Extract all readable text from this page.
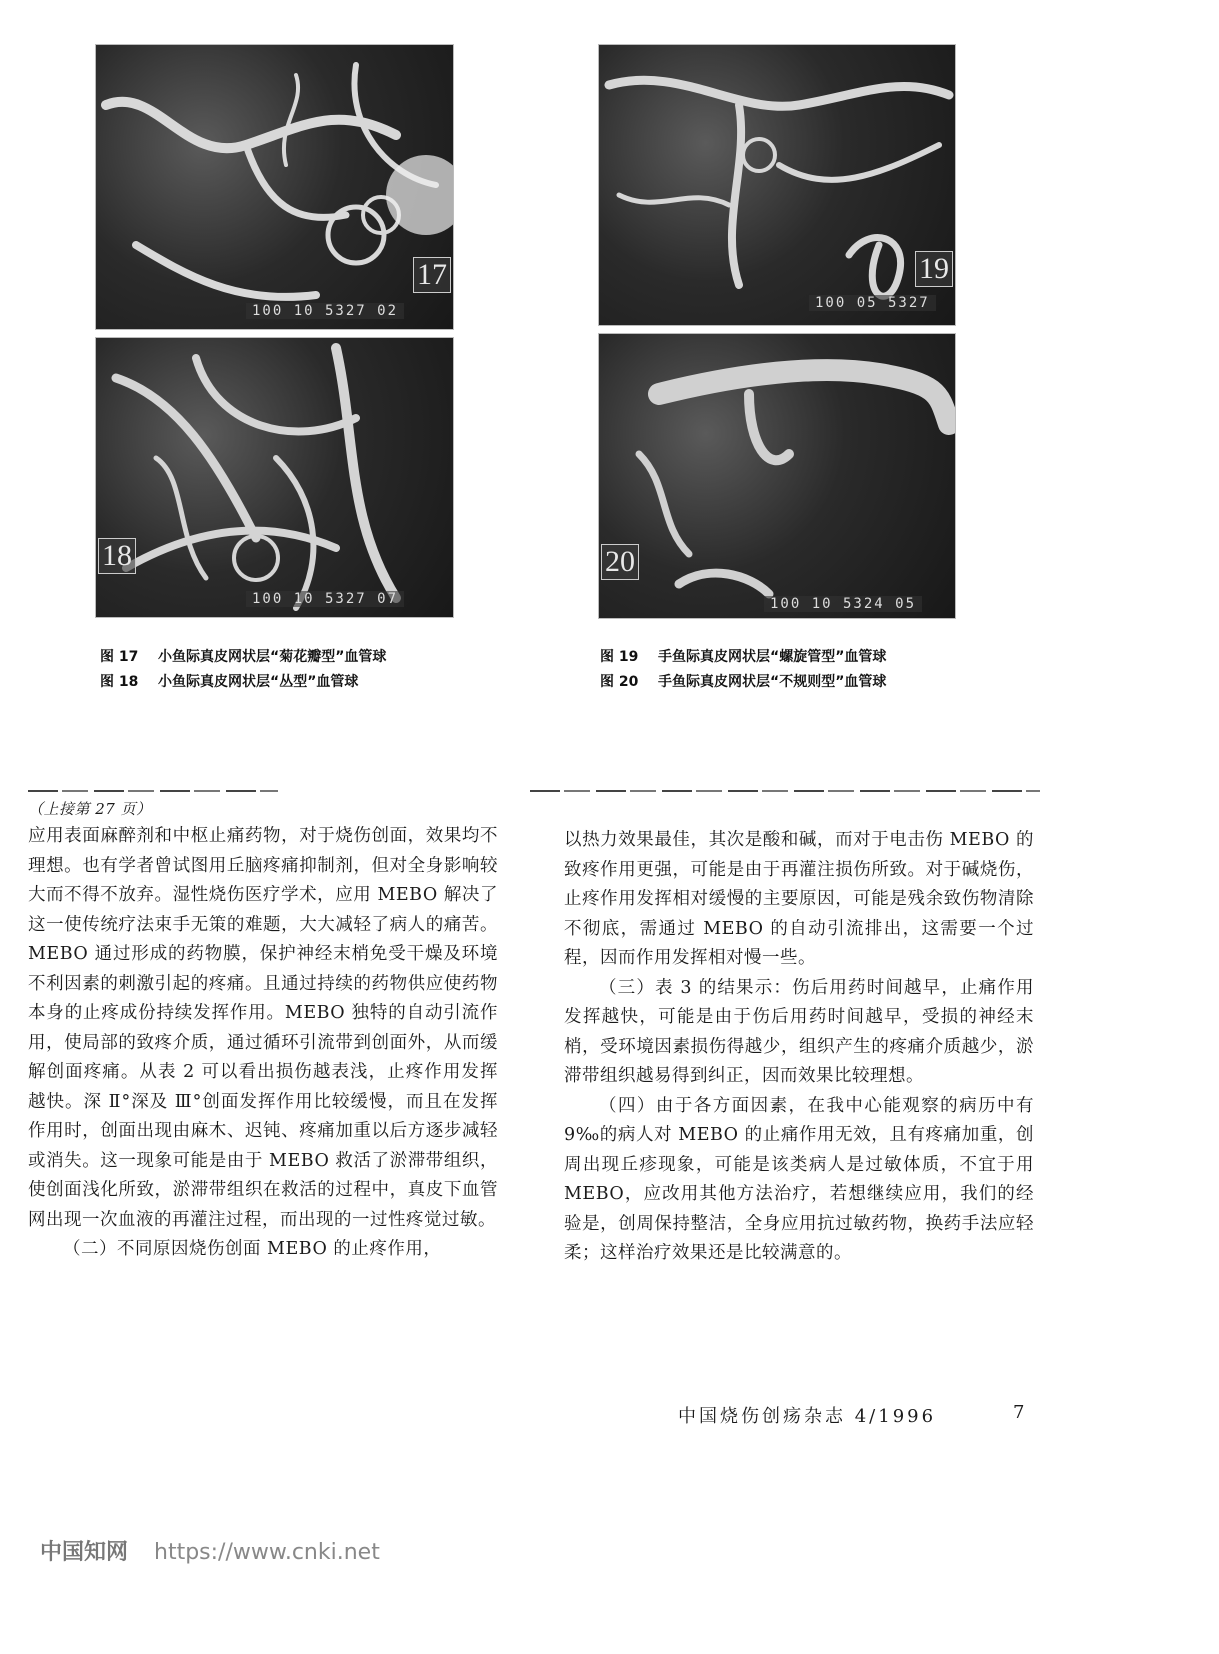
17
100 10 5327 02
18
100 10 5327 07
19
100 05 5327
20
100 10 5324 05
图 17 小鱼际真皮网状层“菊花瓣型”血管球
图 18 小鱼际真皮网状层“丛型”血管球
图 19 手鱼际真皮网状层“螺旋管型”血管球
图 20 手鱼际真皮网状层“不规则型”血管球

（上接第 27 页）

应用表面麻醉剂和中枢止痛药物，对于烧伤创面，效果均不理想。也有学者曾试图用丘脑疼痛抑制剂，但对全身影响较大而不得不放弃。湿性烧伤医疗学术，应用 MEBO 解决了这一使传统疗法束手无策的难题，大大减轻了病人的痛苦。MEBO 通过形成的药物膜，保护神经末梢免受干燥及环境不利因素的刺激引起的疼痛。且通过持续的药物供应使药物本身的止疼成份持续发挥作用。MEBO 独特的自动引流作用，使局部的致疼介质，通过循环引流带到创面外，从而缓解创面疼痛。从表 2 可以看出损伤越表浅，止疼作用发挥越快。深 Ⅱ°深及 Ⅲ°创面发挥作用比较缓慢，而且在发挥作用时，创面出现由麻木、迟钝、疼痛加重以后方逐步减轻或消失。这一现象可能是由于 MEBO 救活了淤滞带组织，使创面浅化所致，淤滞带组织在救活的过程中，真皮下血管网出现一次血液的再灌注过程，而出现的一过性疼觉过敏。

（二）不同原因烧伤创面 MEBO 的止疼作用，

以热力效果最佳，其次是酸和碱，而对于电击伤 MEBO 的致疼作用更强，可能是由于再灌注损伤所致。对于碱烧伤，止疼作用发挥相对缓慢的主要原因，可能是残余致伤物清除不彻底，需通过 MEBO 的自动引流排出，这需要一个过程，因而作用发挥相对慢一些。

（三）表 3 的结果示：伤后用药时间越早，止痛作用发挥越快，可能是由于伤后用药时间越早，受损的神经末梢，受环境因素损伤得越少，组织产生的疼痛介质越少，淤滞带组织越易得到纠正，因而效果比较理想。

（四）由于各方面因素，在我中心能观察的病历中有 9‰的病人对 MEBO 的止痛作用无效，且有疼痛加重，创周出现丘疹现象，可能是该类病人是过敏体质，不宜于用 MEBO，应改用其他方法治疗，若想继续应用，我们的经验是，创周保持整洁，全身应用抗过敏药物，换药手法应轻柔；这样治疗效果还是比较满意的。

中国烧伤创疡杂志 4/1996	7
中国知网 https://www.cnki.net
